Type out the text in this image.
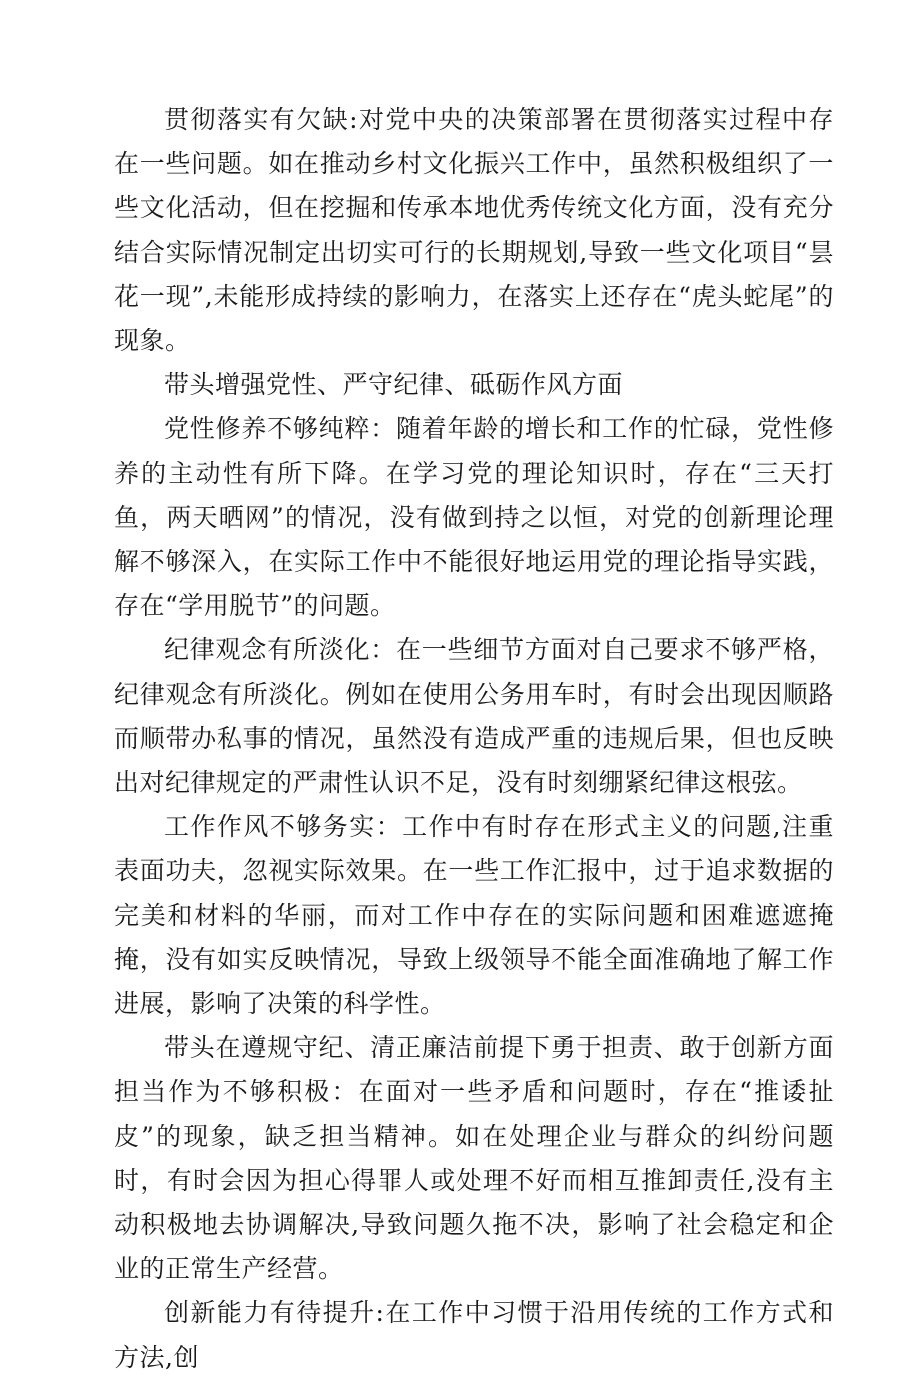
贯彻落实有欠缺:对党中央的决策部署在贯彻落实过程中存在一些问题。如在推动乡村文化振兴工作中，虽然积极组织了一些文化活动，但在挖掘和传承本地优秀传统文化方面，没有充分结合实际情况制定出切实可行的长期规划,导致一些文化项目“昙花一现”,未能形成持续的影响力，在落实上还存在“虎头蛇尾”的现象。

带头增强党性、严守纪律、砥砺作风方面

党性修养不够纯粹：随着年龄的增长和工作的忙碌，党性修养的主动性有所下降。在学习党的理论知识时，存在“三天打鱼，两天晒网”的情况，没有做到持之以恒，对党的创新理论理解不够深入，在实际工作中不能很好地运用党的理论指导实践，存在“学用脱节”的问题。

纪律观念有所淡化：在一些细节方面对自己要求不够严格，纪律观念有所淡化。例如在使用公务用车时，有时会出现因顺路而顺带办私事的情况，虽然没有造成严重的违规后果，但也反映出对纪律规定的严肃性认识不足，没有时刻绷紧纪律这根弦。

工作作风不够务实：工作中有时存在形式主义的问题,注重表面功夫，忽视实际效果。在一些工作汇报中，过于追求数据的完美和材料的华丽，而对工作中存在的实际问题和困难遮遮掩掩，没有如实反映情况，导致上级领导不能全面准确地了解工作进展，影响了决策的科学性。

带头在遵规守纪、清正廉洁前提下勇于担责、敢于创新方面担当作为不够积极：在面对一些矛盾和问题时，存在“推诿扯皮”的现象，缺乏担当精神。如在处理企业与群众的纠纷问题时，有时会因为担心得罪人或处理不好而相互推卸责任,没有主动积极地去协调解决,导致问题久拖不决，影响了社会稳定和企业的正常生产经营。

创新能力有待提升:在工作中习惯于沿用传统的工作方式和方法,创
